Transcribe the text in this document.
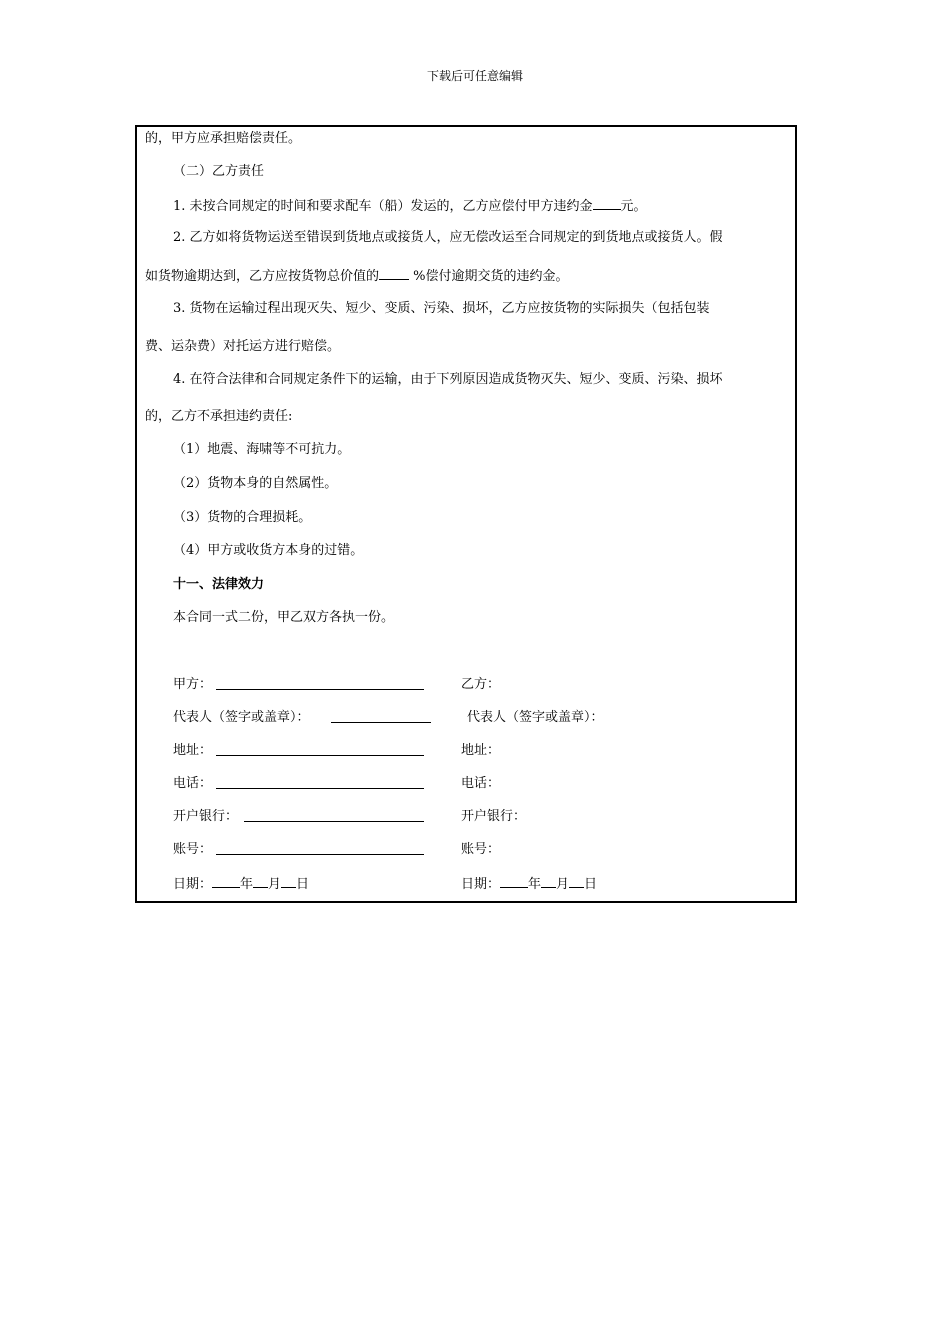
下载后可任意编辑
的，甲方应承担赔偿责任。
（二）乙方责任
1. 未按合同规定的时间和要求配车（船）发运的，乙方应偿付甲方违约金 元。
2. 乙方如将货物运送至错误到货地点或接货人，应无偿改运至合同规定的到货地点或接货人。假
如货物逾期达到，乙方应按货物总价值的 %偿付逾期交货的违约金。
3. 货物在运输过程出现灭失、短少、变质、污染、损坏，乙方应按货物的实际损失（包括包装
费、运杂费）对托运方进行赔偿。
4. 在符合法律和合同规定条件下的运输，由于下列原因造成货物灭失、短少、变质、污染、损坏
的，乙方不承担违约责任:
（1）地震、海啸等不可抗力。
（2）货物本身的自然属性。
（3）货物的合理损耗。
（4）甲方或收货方本身的过错。
十一、法律效力
本合同一式二份，甲乙双方各执一份。
甲方：	乙方：
代表人（签字或盖章）：	代表人（签字或盖章）：
地址：	地址：
电话：	电话：
开户银行：	开户银行：
账号：	账号：
日期： 年 月 日	日期： 年 月 日
